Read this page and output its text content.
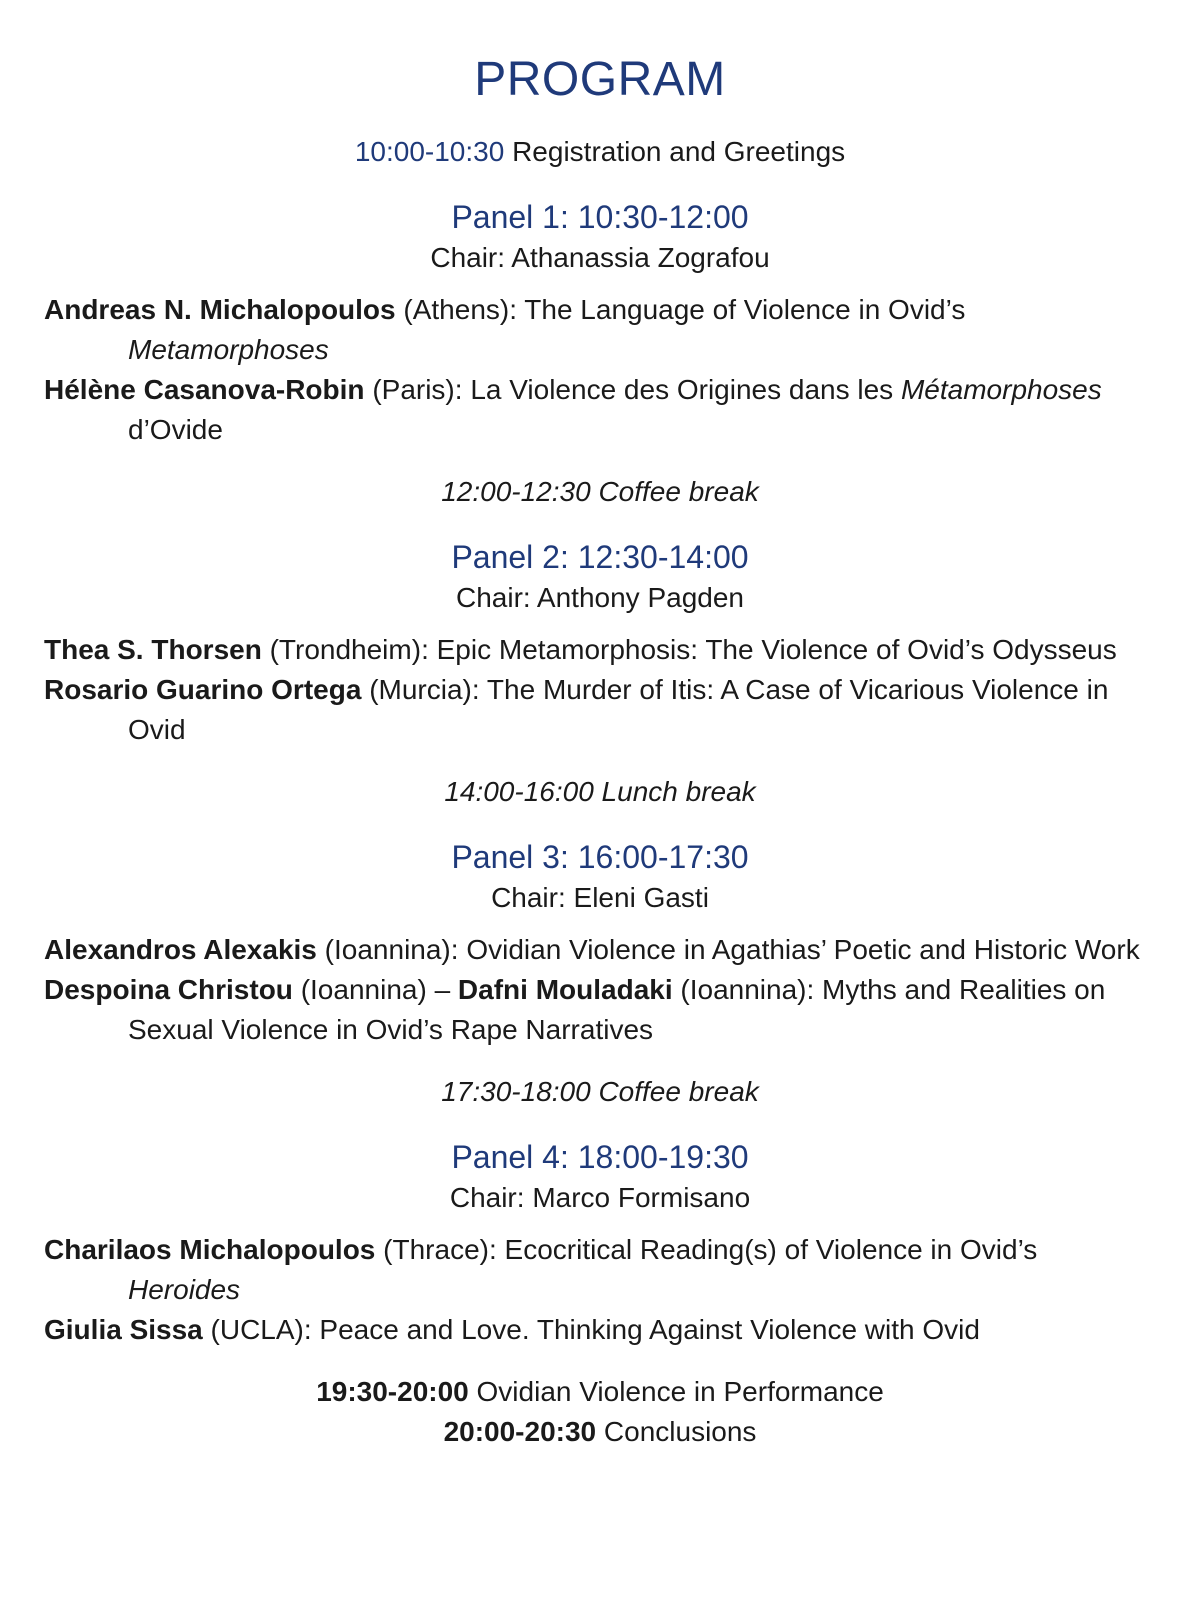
PROGRAM
10:00-10:30 Registration and Greetings
Panel 1: 10:30-12:00
Chair: Athanassia Zografou
Andreas N. Michalopoulos (Athens): The Language of Violence in Ovid’s Metamorphoses
Hélène Casanova-Robin (Paris): La Violence des Origines dans les Métamorphoses d’Ovide
12:00-12:30 Coffee break
Panel 2: 12:30-14:00
Chair: Anthony Pagden
Thea S. Thorsen (Trondheim): Epic Metamorphosis: The Violence of Ovid’s Odysseus
Rosario Guarino Ortega (Murcia): The Murder of Itis: A Case of Vicarious Violence in Ovid
14:00-16:00 Lunch break
Panel 3: 16:00-17:30
Chair: Eleni Gasti
Alexandros Alexakis (Ioannina): Ovidian Violence in Agathias’ Poetic and Historic Work
Despoina Christou (Ioannina) – Dafni Mouladaki (Ioannina): Myths and Realities on Sexual Violence in Ovid’s Rape Narratives
17:30-18:00 Coffee break
Panel 4: 18:00-19:30
Chair: Marco Formisano
Charilaos Michalopoulos (Thrace): Ecocritical Reading(s) of Violence in Ovid’s Heroides
Giulia Sissa (UCLA): Peace and Love. Thinking Against Violence with Ovid
19:30-20:00 Ovidian Violence in Performance
20:00-20:30 Conclusions
